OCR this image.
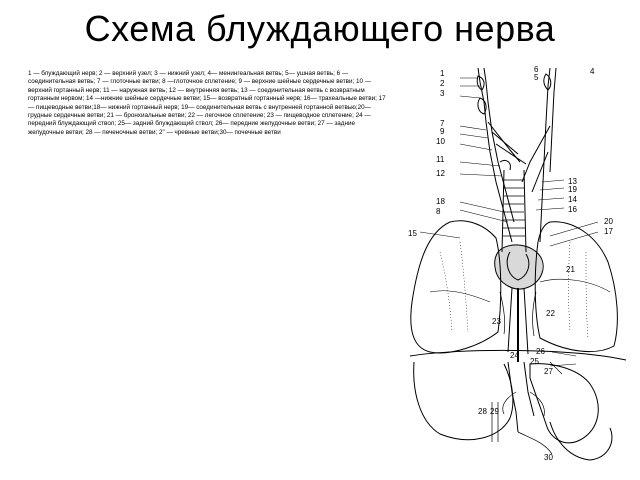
Схема блуждающего нерва
1 — блуждающий нерв; 2 — верхний узел; 3 — нижний узел; 4— менингеальная ветвь; 5— ушная ветвь; 6 — соединительная ветвь; 7 — глоточные ветви; 8 —глоточное сплетение; 9 — верхние шейные сердечные ветви; 10 — верхний гортанный нерв; 11 — наружная ветвь; 12 — внутренняя ветвь; 13 — соединительная ветвь с возвратным гортанным нервом; 14 —нижние шейные сердечные ветви; 15— возвратный гортанный нерв; 16— трахеальные ветви; 17— пищеводные ветви;18— нижний гортанный нерв; 19— соединительная ветвь с внутренней гортанной ветвью;20— грудные сердечные ветви; 21 — бронхиальные ветви; 22 — легочное сплетение; 23 — пищеводное сплетение; 24 — передний блуждающий ствол; 25— задний блуждающий ствол; 26— передние желудочные ветви; 27 — задние желудочные ветви; 28 — печеночные ветви; 2" — чревные ветви;30— почечные ветви
1
2
3
5
4
6
7
9
10
11
12
13
19
14
16
18
8
15
20
17
21
22
23
24 26
25
27
28 29
30
